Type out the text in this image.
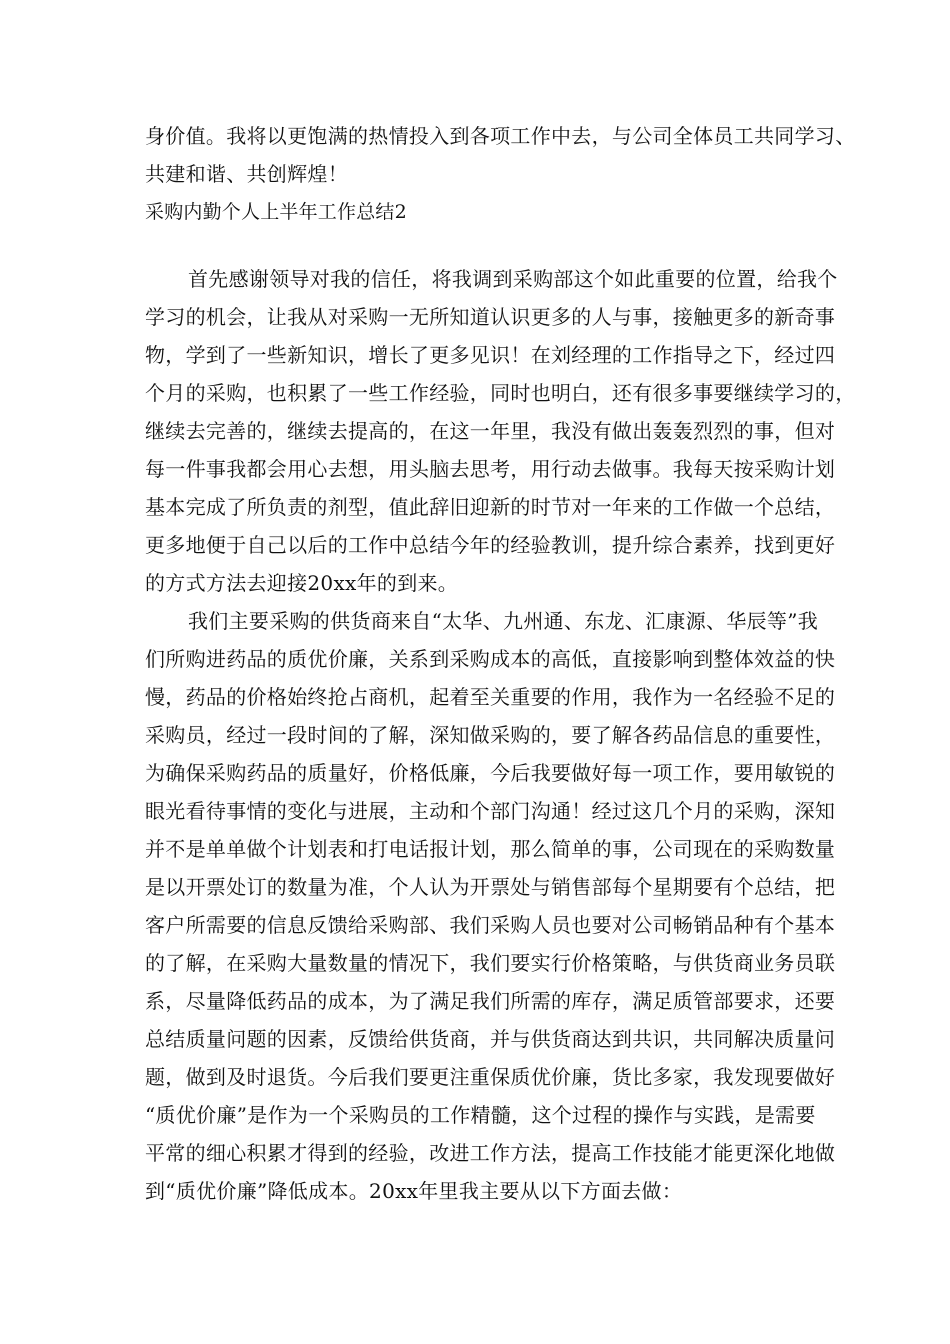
身价值。我将以更饱满的热情投入到各项工作中去，与公司全体员工共同学习、
共建和谐、共创辉煌！
采购内勤个人上半年工作总结2
首先感谢领导对我的信任，将我调到采购部这个如此重要的位置，给我个
学习的机会，让我从对采购一无所知道认识更多的人与事，接触更多的新奇事
物，学到了一些新知识，增长了更多见识！在刘经理的工作指导之下，经过四
个月的采购，也积累了一些工作经验，同时也明白，还有很多事要继续学习的，
继续去完善的，继续去提高的，在这一年里，我没有做出轰轰烈烈的事，但对
每一件事我都会用心去想，用头脑去思考，用行动去做事。我每天按采购计划
基本完成了所负责的剂型，值此辞旧迎新的时节对一年来的工作做一个总结，
更多地便于自己以后的工作中总结今年的经验教训，提升综合素养，找到更好
的方式方法去迎接20xx年的到来。
我们主要采购的供货商来自“太华、九州通、东龙、汇康源、华辰等”我
们所购进药品的质优价廉，关系到采购成本的高低，直接影响到整体效益的快
慢，药品的价格始终抢占商机，起着至关重要的作用，我作为一名经验不足的
采购员，经过一段时间的了解，深知做采购的，要了解各药品信息的重要性，
为确保采购药品的质量好，价格低廉，今后我要做好每一项工作，要用敏锐的
眼光看待事情的变化与进展，主动和个部门沟通！经过这几个月的采购，深知
并不是单单做个计划表和打电话报计划，那么简单的事，公司现在的采购数量
是以开票处订的数量为准，个人认为开票处与销售部每个星期要有个总结，把
客户所需要的信息反馈给采购部、我们采购人员也要对公司畅销品种有个基本
的了解，在采购大量数量的情况下，我们要实行价格策略，与供货商业务员联
系，尽量降低药品的成本，为了满足我们所需的库存，满足质管部要求，还要
总结质量问题的因素，反馈给供货商，并与供货商达到共识，共同解决质量问
题，做到及时退货。今后我们要更注重保质优价廉，货比多家，我发现要做好
“质优价廉”是作为一个采购员的工作精髓，这个过程的操作与实践，是需要
平常的细心积累才得到的经验，改进工作方法，提高工作技能才能更深化地做
到“质优价廉”降低成本。20xx年里我主要从以下方面去做：
